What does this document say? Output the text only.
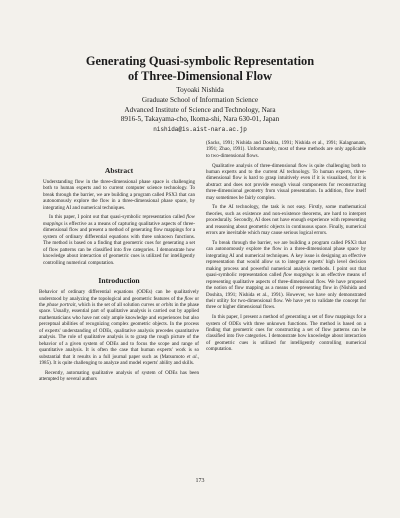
Generating Quasi-symbolic Representation
of Three-Dimensional Flow
Toyoaki Nishida
Graduate School of Information Science
Advanced Institute of Science and Technology, Nara
8916-5, Takayama-cho, Ikoma-shi, Nara 630-01, Japan
nishida@is.aist-nara.ac.jp
Abstract

Understanding flow in the three-dimensional phase space is challenging both to human experts and to current computer science technology. To break through the barrier, we are building a program called PSX3 that can autonomously explore the flow in a three-dimensional phase space, by integrating AI and numerical techniques.

In this paper, I point out that quasi-symbolic representation called flow mappings is effective as a means of capturing qualitative aspects of three-dimensional flow and present a method of generating flow mappings for a system of ordinary differential equations with three unknown functions. The method is based on a finding that geometric cues for generating a set of flow patterns can be classified into five categories. I demonstrate how knowledge about interaction of geometric cues is utilized for intelligently controlling numerical computation.

Introduction

Behavior of ordinary differential equations (ODEs) can be qualitatively understood by analyzing the topological and geometric features of the flow or the phase portrait, which is the set of all solution curves or orbits in the phase space. Usually, essential part of qualitative analysis is carried out by applied mathematicians who have not only ample knowledge and experiences but also perceptual abilities of recognizing complex geometric objects. In the process of experts' understanding of ODEs, qualitative analysis precedes quantitative analysis. The role of qualitative analysis is to grasp the rough picture of the behavior of a given system of ODEs and to focus the scope and range of quantitative analysis. It is often the case that human experts' work is so substantial that it results in a full journal paper such as (Matsumoto et al., 1985). It is quite challenging to analyze and model experts' ability and skills.

Recently, automating qualitative analysis of system of ODEs has been attempted by several authors

(Sacks, 1991; Nishida and Doshita, 1991; Nishida et al., 1991; Kalagnanam, 1991; Zhao, 1991). Unfortunately, most of these methods are only applicable to two-dimensional flows.

Qualitative analysis of three-dimensional flow is quite challenging both to human experts and to the current AI technology. To human experts, three-dimensional flow is hard to grasp intuitively even if it is visualized, for it is abstract and does not provide enough visual components for reconstructing three-dimensional geometry from visual presentation. In addition, flow itself may sometimes be fairly complex.

To the AI technology, the task is not easy. Firstly, some mathematical theories, such as existence and non-existence theorems, are hard to interpret procedurally. Secondly, AI does not have enough experience with representing and reasoning about geometric objects in continuous space. Finally, numerical errors are inevitable which may cause serious logical errors.

To break through the barrier, we are building a program called PSX3 that can autonomously explore the flow in a three-dimensional phase space by integrating AI and numerical techniques. A key issue is designing an effective representation that would allow us to integrate experts' high level decision making process and powerful numerical analysis methods. I point out that quasi-symbolic representation called flow mappings is an effective means of representing qualitative aspects of three-dimensional flow. We have proposed the notion of flow mapping as a means of representing flow in (Nishida and Doshita, 1991; Nishida et al., 1991). However, we have only demonstrated their utility for two-dimensional flow. We have yet to validate the concept for three or higher dimensional flows.

In this paper, I present a method of generating a set of flow mappings for a system of ODEs with three unknown functions. The method is based on a finding that geometric cues for constructing a set of flow patterns can be classified into five categories. I demonstrate how knowledge about interaction of geometric cues is utilized for intelligently controlling numerical computation.

173
